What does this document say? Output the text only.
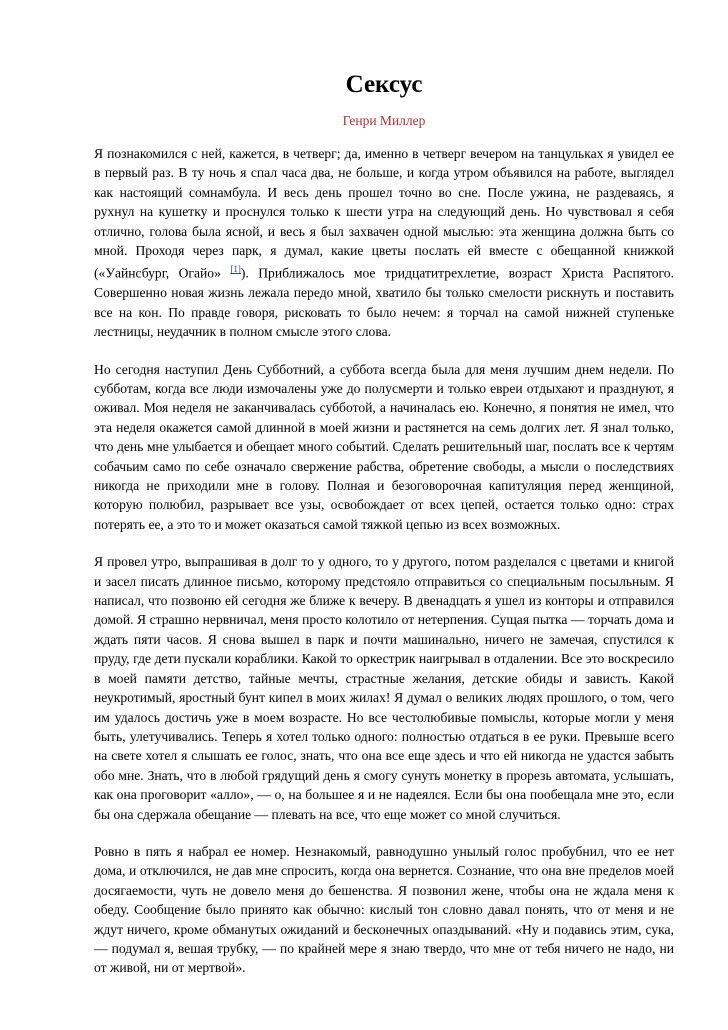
Сексус
Генри Миллер

Я познакомился с ней, кажется, в четверг; да, именно в четверг вечером на танцульках я увидел ее в первый раз. В ту ночь я спал часа два, не больше, и когда утром объявился на работе, выглядел как настоящий сомнамбула. И весь день прошел точно во сне. После ужина, не раздеваясь, я рухнул на кушетку и проснулся только к шести утра на следующий день. Но чувствовал я себя отлично, голова была ясной, и весь я был захвачен одной мыслью: эта женщина должна быть со мной. Проходя через парк, я думал, какие цветы послать ей вместе с обещанной книжкой («Уайнсбург, Огайо» [1]). Приближалось мое тридцатитрехлетие, возраст Христа Распятого. Совершенно новая жизнь лежала передо мной, хватило бы только смелости рискнуть и поставить все на кон. По правде говоря, рисковать то было нечем: я торчал на самой нижней ступеньке лестницы, неудачник в полном смысле этого слова.

Но сегодня наступил День Субботний, а суббота всегда была для меня лучшим днем недели. По субботам, когда все люди измочалены уже до полусмерти и только евреи отдыхают и празднуют, я оживал. Моя неделя не заканчивалась субботой, а начиналась ею. Конечно, я понятия не имел, что эта неделя окажется самой длинной в моей жизни и растянется на семь долгих лет. Я знал только, что день мне улыбается и обещает много событий. Сделать решительный шаг, послать все к чертям собачьим само по себе означало свержение рабства, обретение свободы, а мысли о последствиях никогда не приходили мне в голову. Полная и безоговорочная капитуляция перед женщиной, которую полюбил, разрывает все узы, освобождает от всех цепей, остается только одно: страх потерять ее, а это то и может оказаться самой тяжкой цепью из всех возможных.

Я провел утро, выпрашивая в долг то у одного, то у другого, потом разделался с цветами и книгой и засел писать длинное письмо, которому предстояло отправиться со специальным посыльным. Я написал, что позвоню ей сегодня же ближе к вечеру. В двенадцать я ушел из конторы и отправился домой. Я страшно нервничал, меня просто колотило от нетерпения. Сущая пытка — торчать дома и ждать пяти часов. Я снова вышел в парк и почти машинально, ничего не замечая, спустился к пруду, где дети пускали кораблики. Какой то оркестрик наигрывал в отдалении. Все это воскресило в моей памяти детство, тайные мечты, страстные желания, детские обиды и зависть. Какой неукротимый, яростный бунт кипел в моих жилах! Я думал о великих людях прошлого, о том, чего им удалось достичь уже в моем возрасте. Но все честолюбивые помыслы, которые могли у меня быть, улетучивались. Теперь я хотел только одного: полностью отдаться в ее руки. Превыше всего на свете хотел я слышать ее голос, знать, что она все еще здесь и что ей никогда не удастся забыть обо мне. Знать, что в любой грядущий день я смогу сунуть монетку в прорезь автомата, услышать, как она проговорит «алло», — о, на большее я и не надеялся. Если бы она пообещала мне это, если бы она сдержала обещание — плевать на все, что еще может со мной случиться.

Ровно в пять я набрал ее номер. Незнакомый, равнодушно унылый голос пробубнил, что ее нет дома, и отключился, не дав мне спросить, когда она вернется. Сознание, что она вне пределов моей досягаемости, чуть не довело меня до бешенства. Я позвонил жене, чтобы она не ждала меня к обеду. Сообщение было принято как обычно: кислый тон словно давал понять, что от меня и не ждут ничего, кроме обманутых ожиданий и бесконечных опаздываний. «Ну и подавись этим, сука, — подумал я, вешая трубку, — по крайней мере я знаю твердо, что мне от тебя ничего не надо, ни от живой, ни от мертвой».
